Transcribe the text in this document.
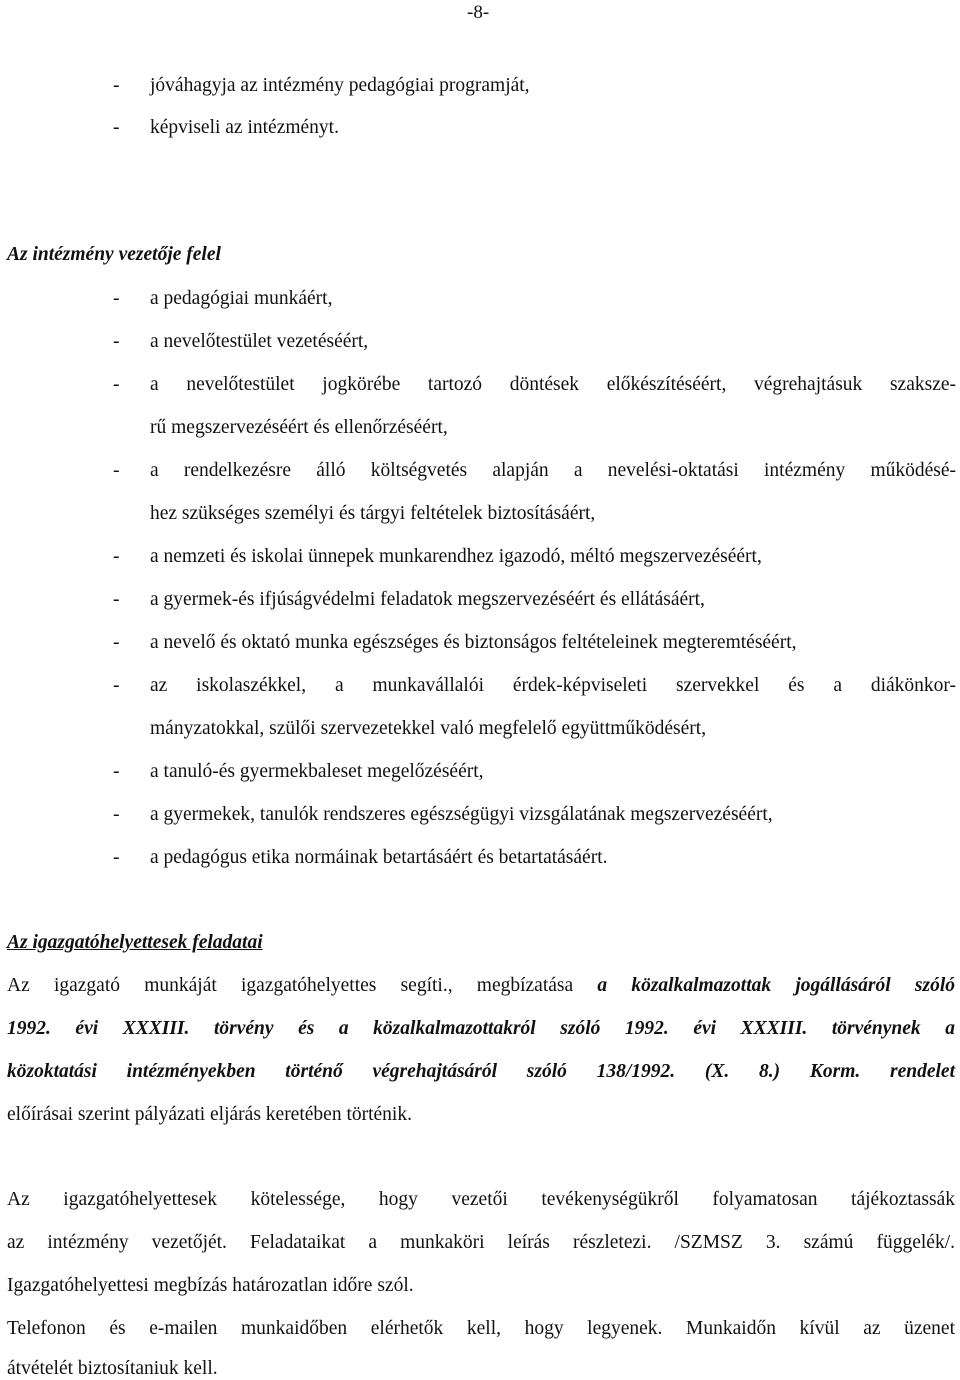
-8-
- jóváhagyja az intézmény pedagógiai programját,
- képviseli az intézményt.
Az intézmény vezetője felel
- a pedagógiai munkáért,
- a nevelőtestület vezetéséért,
- a nevelőtestület jogkörébe tartozó döntések előkészítéséért, végrehajtásuk szaksze-
rű megszervezéséért és ellenőrzéséért,
- a rendelkezésre álló költségvetés alapján a nevelési-oktatási intézmény működésé-
hez szükséges személyi és tárgyi feltételek biztosításáért,
- a nemzeti és iskolai ünnepek munkarendhez igazodó, méltó megszervezéséért,
- a gyermek-és ifjúságvédelmi feladatok megszervezéséért és ellátásáért,
- a nevelő és oktató munka egészséges és biztonságos feltételeinek megteremtéséért,
- az iskolaszékkel, a munkavállalói érdek-képviseleti szervekkel és a diákönkor-
mányzatokkal, szülői szervezetekkel való megfelelő együttműködésért,
- a tanuló-és gyermekbaleset megelőzéséért,
- a gyermekek, tanulók rendszeres egészségügyi vizsgálatának megszervezéséért,
- a pedagógus etika normáinak betartásáért és betartatásáért.
Az igazgatóhelyettesek feladatai
Az igazgató munkáját igazgatóhelyettes segíti., megbízatása a közalkalmazottak jogállásáról szóló
1992. évi XXXIII. törvény és a közalkalmazottakról szóló 1992. évi XXXIII. törvénynek a
közoktatási intézményekben történő végrehajtásáról szóló 138/1992. (X. 8.) Korm. rendelet
előírásai szerint pályázati eljárás keretében történik.
Az igazgatóhelyettesek kötelessége, hogy vezetői tevékenységükről folyamatosan tájékoztassák
az intézmény vezetőjét. Feladataikat a munkaköri leírás részletezi. /SZMSZ 3. számú függelék/.
Igazgatóhelyettesi megbízás határozatlan időre szól.
Telefonon és e-mailen munkaidőben elérhetők kell, hogy legyenek. Munkaidőn kívül az üzenet
átvételét biztosítaniuk kell.
